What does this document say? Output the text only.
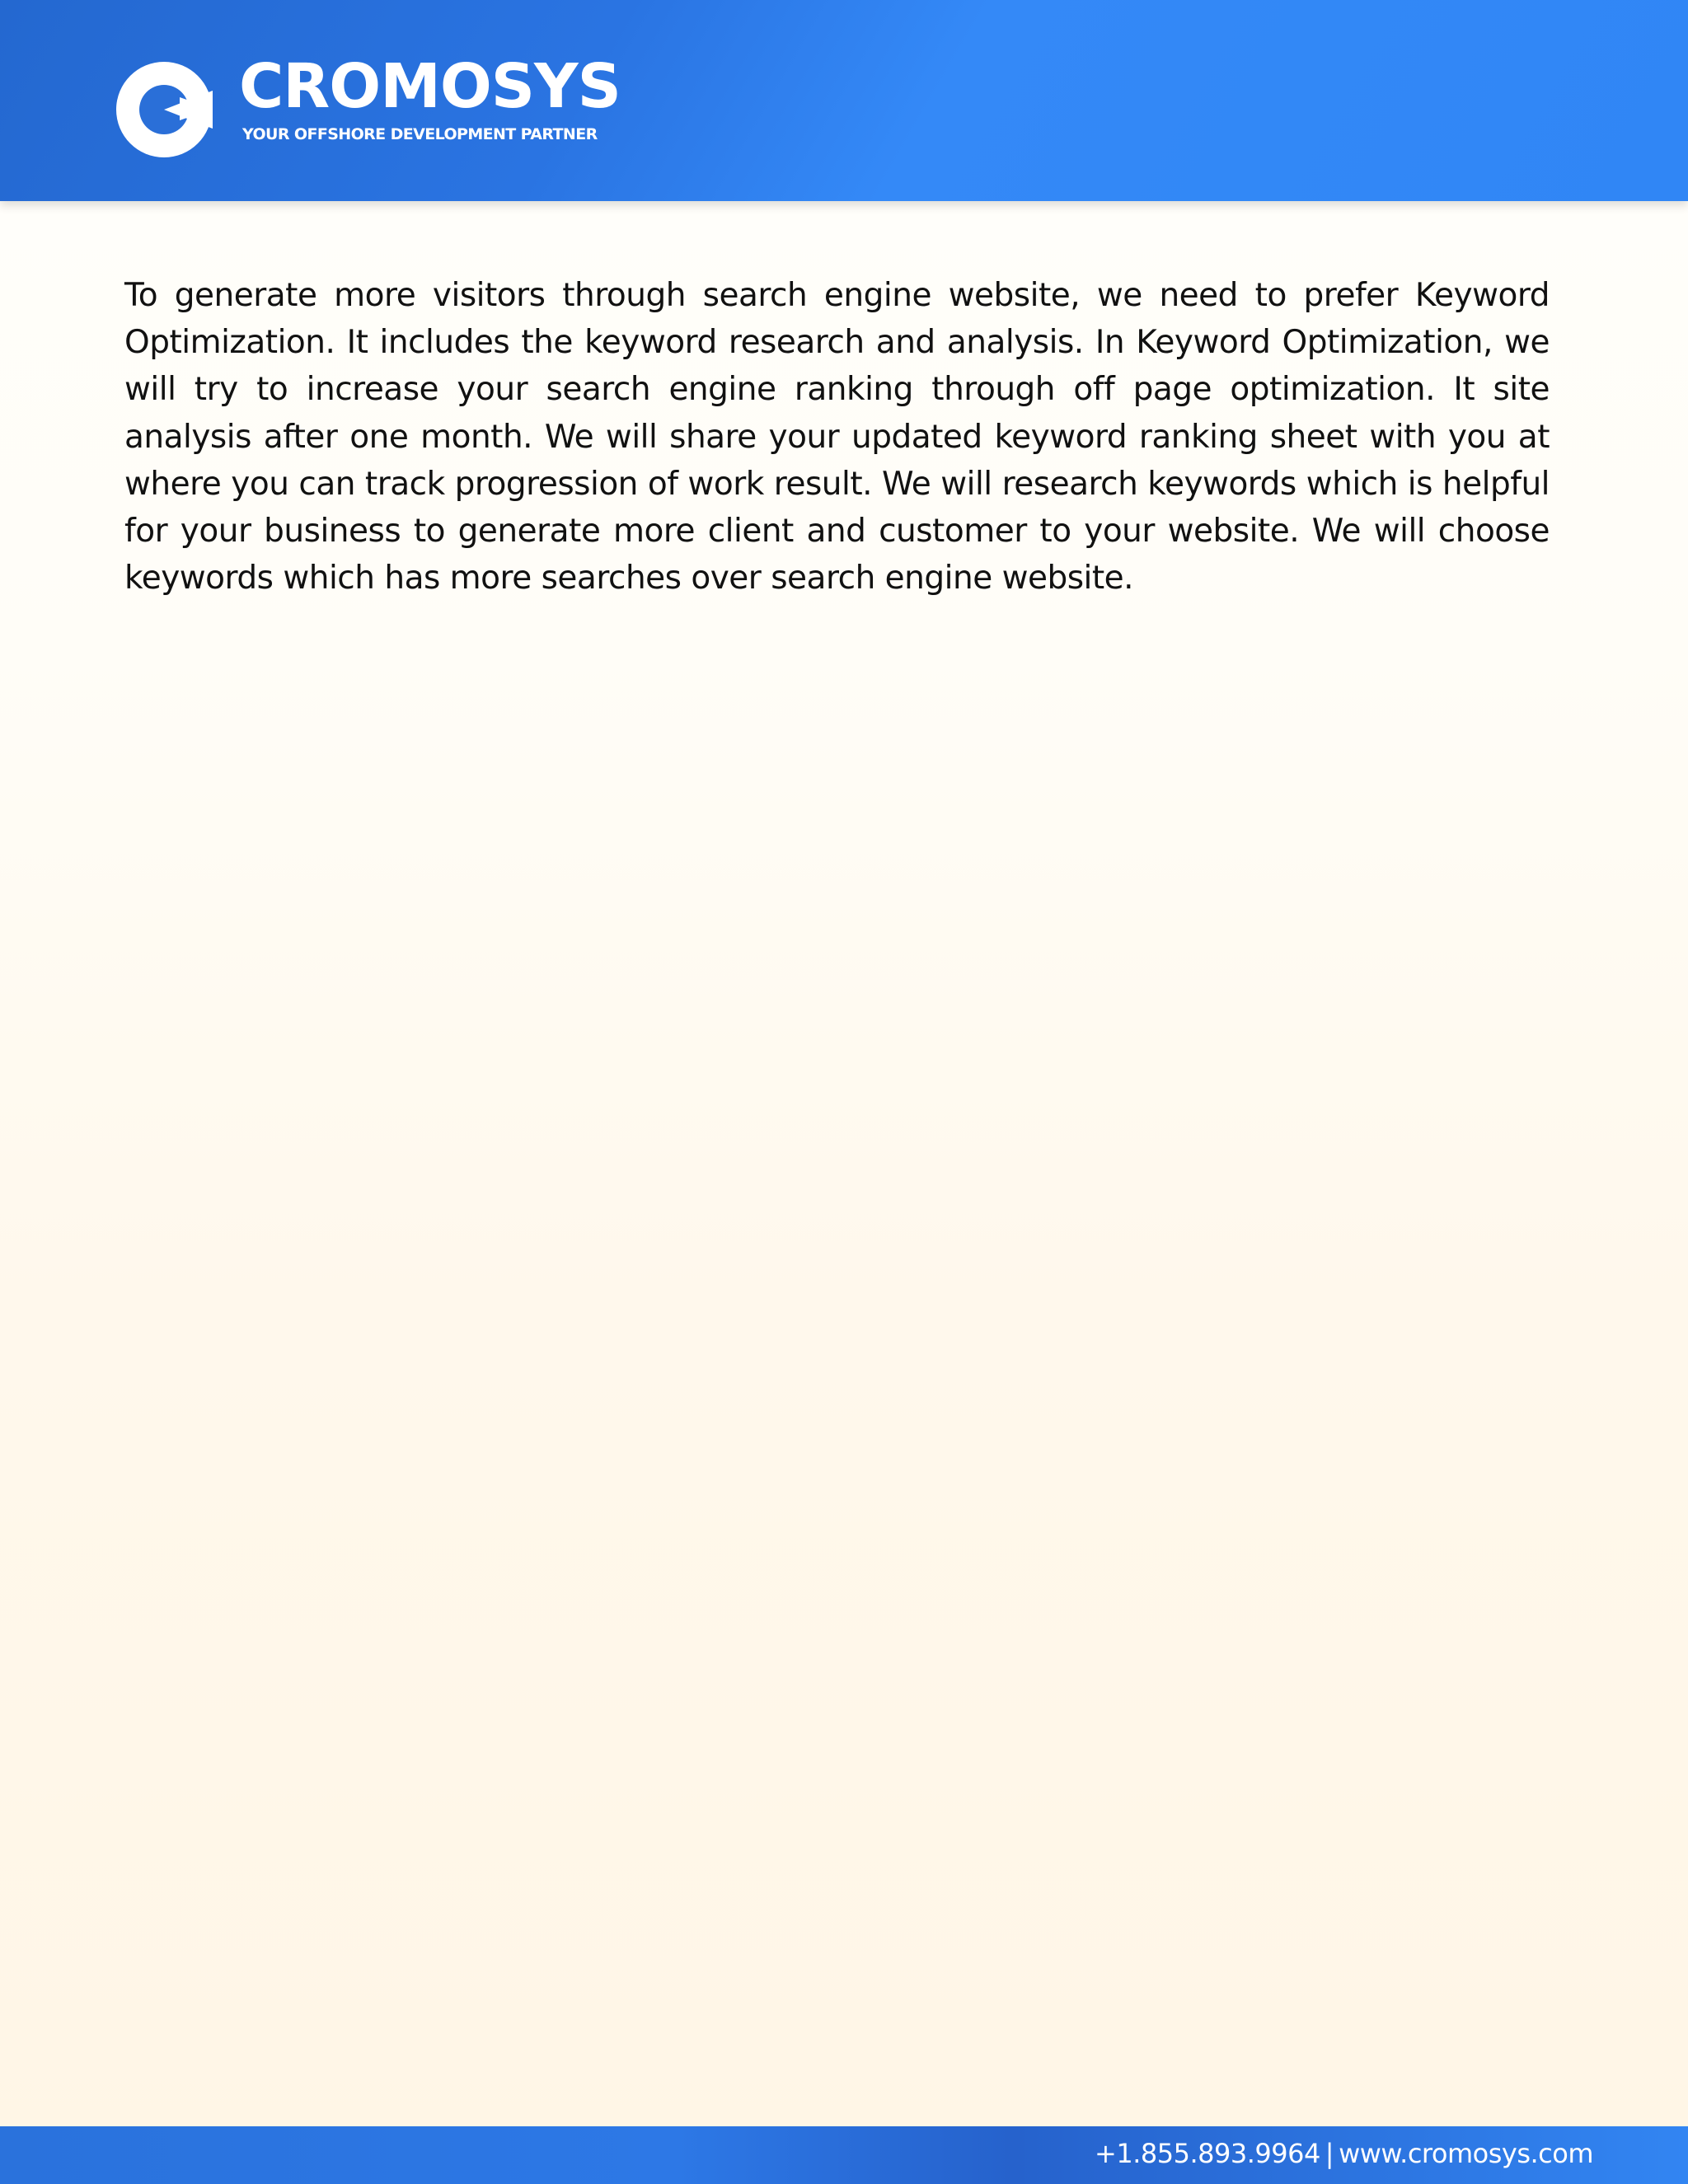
CROMOSYS
YOUR OFFSHORE DEVELOPMENT PARTNER

To generate more visitors through search engine website, we need to prefer Keyword Optimization. It includes the keyword research and analysis. In Keyword Optimization, we will try to increase your search engine ranking through off page optimization. It site analysis after one month. We will share your updated keyword ranking sheet with you at where you can track progression of work result. We will research keywords which is helpful for your business to generate more client and customer to your website. We will choose keywords which has more searches over search engine website.

+1.855.893.9964 | www.cromosys.com
